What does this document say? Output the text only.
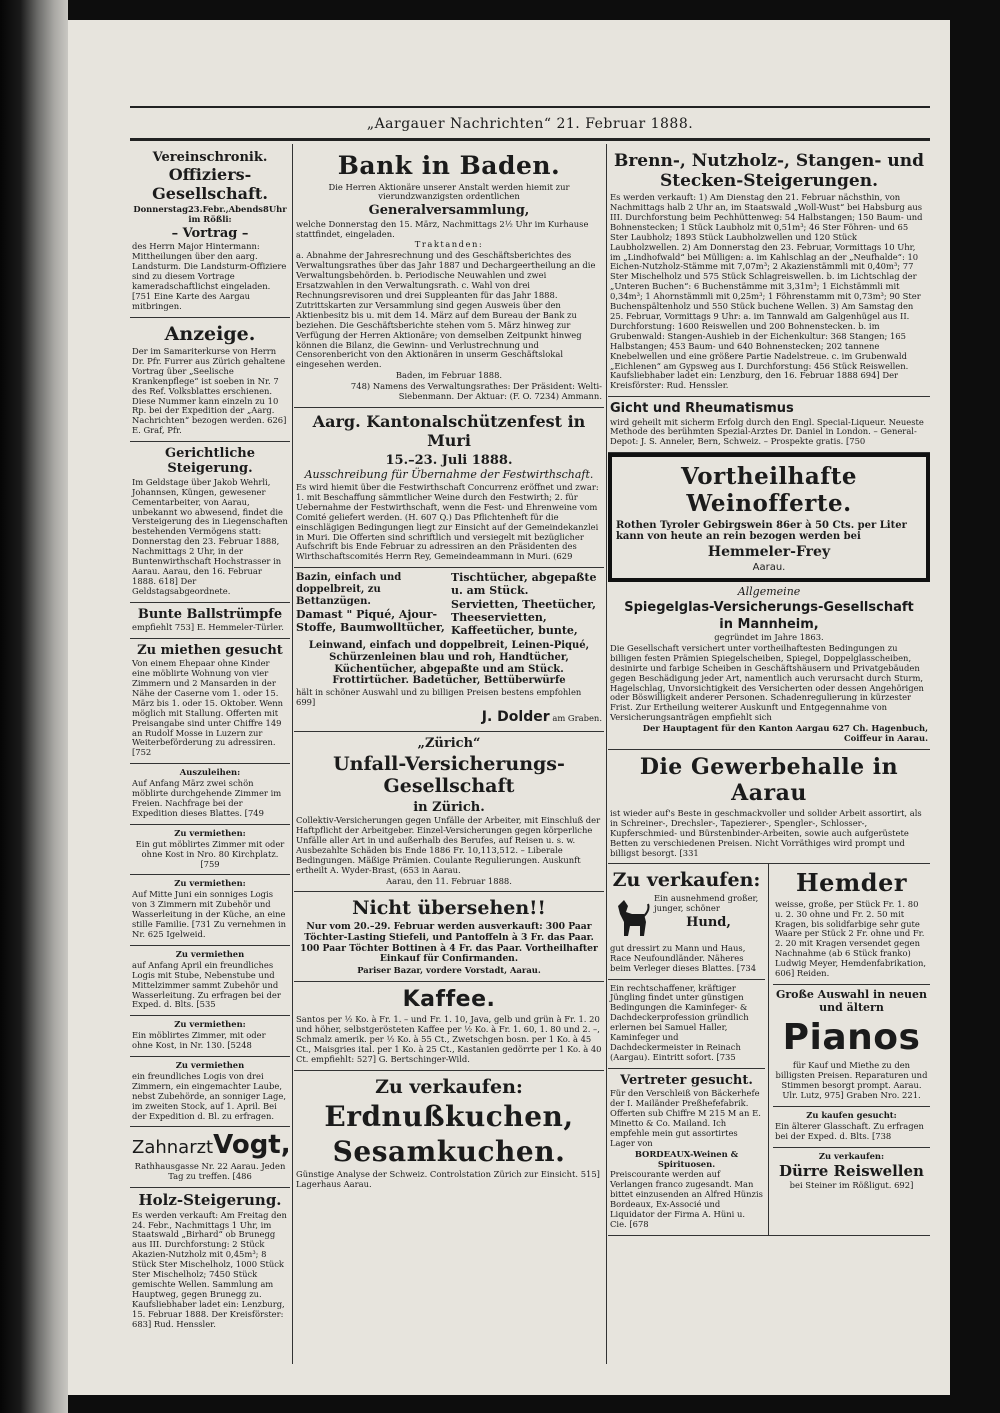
„Aargauer Nachrichten“ 21. Februar 1888.
Vereinschronik.
Offiziers-Gesellschaft.

Donnerstag23.Febr.,Abends8Uhr im Rößli:

– Vortrag –

des Herrn Major Hintermann: Mittheilungen über den aarg. Landsturm. Die Landsturm-Offiziere sind zu diesem Vortrage kameradschaftlichst eingeladen. [751 Eine Karte des Aargau mitbringen.

Anzeige.

Der im Samariterkurse von Herrn Dr. Pfr. Furrer aus Zürich gehaltene Vortrag über „Seelische Krankenpflege“ ist soeben in Nr. 7 des Ref. Volksblattes erschienen. Diese Nummer kann einzeln zu 10 Rp. bei der Expedition der „Aarg. Nachrichten“ bezogen werden. 626] E. Graf, Pfr.

Gerichtliche Steigerung.

Im Geldstage über Jakob Wehrli, Johannsen, Küngen, gewesener Cementarbeiter, von Aarau, unbekannt wo abwesend, findet die Versteigerung des in Liegenschaften bestehenden Vermögens statt: Donnerstag den 23. Februar 1888, Nachmittags 2 Uhr, in der Buntenwirthschaft Hochstrasser in Aarau. Aarau, den 16. Februar 1888. 618] Der Geldstagsabgeordnete.

Bunte Ballstrümpfe

empfiehlt 753] E. Hemmeler-Türler.

Zu miethen gesucht

Von einem Ehepaar ohne Kinder eine möblirte Wohnung von vier Zimmern und 2 Mansarden in der Nähe der Caserne vom 1. oder 15. März bis 1. oder 15. Oktober. Wenn möglich mit Stallung. Offerten mit Preisangabe sind unter Chiffre 149 an Rudolf Mosse in Luzern zur Weiterbeförderung zu adressiren. [752

Auszuleihen:

Auf Anfang März zwei schön möblirte durchgehende Zimmer im Freien. Nachfrage bei der Expedition dieses Blattes. [749

Zu vermiethen:

Ein gut möblirtes Zimmer mit oder ohne Kost in Nro. 80 Kirchplatz. [759

Zu vermiethen:

Auf Mitte Juni ein sonniges Logis von 3 Zimmern mit Zubehör und Wasserleitung in der Küche, an eine stille Familie. [731 Zu vernehmen in Nr. 625 Igelweid.

Zu vermiethen

auf Anfang April ein freundliches Logis mit Stube, Nebenstube und Mittelzimmer sammt Zubehör und Wasserleitung. Zu erfragen bei der Exped. d. Blts. [535

Zu vermiethen:

Ein möblirtes Zimmer, mit oder ohne Kost, in Nr. 130. [5248

Zu vermiethen

ein freundliches Logis von drei Zimmern, ein eingemachter Laube, nebst Zubehörde, an sonniger Lage, im zweiten Stock, auf 1. April. Bei der Expedition d. Bl. zu erfragen.

Zahnarzt Vogt,

Rathhausgasse Nr. 22 Aarau. Jeden Tag zu treffen. [486

Holz-Steigerung.

Es werden verkauft: Am Freitag den 24. Febr., Nachmittags 1 Uhr, im Staatswald „Birhard“ ob Brunegg aus III. Durchforstung: 2 Stück Akazien-Nutzholz mit 0,45m³; 8 Stück Ster Mischelholz, 1000 Stück Ster Mischelholz; 7450 Stück gemischte Wellen. Sammlung am Hauptweg, gegen Brunegg zu. Kaufsliebhaber ladet ein: Lenzburg, 15. Februar 1888. Der Kreisförster: 683] Rud. Henssler.

Bank in Baden.

Die Herren Aktionäre unserer Anstalt werden hiemit zur vierundzwanzigsten ordentlichen

Generalversammlung,

welche Donnerstag den 15. März, Nachmittags 2½ Uhr im Kurhause stattfindet, eingeladen.

Traktanden:

a. Abnahme der Jahresrechnung und des Geschäftsberichtes des Verwaltungsrathes über das Jahr 1887 und Dechargeertheilung an die Verwaltungsbehörden. b. Periodische Neuwahlen und zwei Ersatzwahlen in den Verwaltungsrath. c. Wahl von drei Rechnungsrevisoren und drei Suppleanten für das Jahr 1888. Zutrittskarten zur Versammlung sind gegen Ausweis über den Aktienbesitz bis u. mit dem 14. März auf dem Bureau der Bank zu beziehen. Die Geschäftsberichte stehen vom 5. März hinweg zur Verfügung der Herren Aktionäre; von demselben Zeitpunkt hinweg können die Bilanz, die Gewinn- und Verlustrechnung und Censorenbericht von den Aktionären in unserm Geschäftslokal eingesehen werden.

Baden, im Februar 1888.

748) Namens des Verwaltungsrathes: Der Präsident: Welti-Siebenmann. Der Aktuar: (F. O. 7234) Ammann.

Aarg. Kantonalschützenfest in Muri
15.–23. Juli 1888.

Ausschreibung für Übernahme der Festwirthschaft.

Es wird hiemit über die Festwirthschaft Concurrenz eröffnet und zwar: 1. mit Beschaffung sämmtlicher Weine durch den Festwirth; 2. für Uebernahme der Festwirthschaft, wenn die Fest- und Ehrenweine vom Comité geliefert werden. (H. 607 Q.) Das Pflichtenheft für die einschlägigen Bedingungen liegt zur Einsicht auf der Gemeindekanzlei in Muri. Die Offerten sind schriftlich und versiegelt mit bezüglicher Aufschrift bis Ende Februar zu adressiren an den Präsidenten des Wirthschaftscomités Herrn Rey, Gemeindeammann in Muri. (629

Bazin, einfach und doppelbreit, zu Bettanzügen.

Damast " Piqué, Ajour-Stoffe, Baumwolltücher,

Tischtücher, abgepaßte u. am Stück.

Servietten, Theetücher, Theeservietten, Kaffeetücher, bunte,

Leinwand, einfach und doppelbreit, Leinen-Piqué, Schürzenleinen blau und roh, Handtücher, Küchentücher, abgepaßte und am Stück. Frottirtücher. Badetücher, Bettüberwürfe

hält in schöner Auswahl und zu billigen Preisen bestens empfohlen 699]

J. Dolder am Graben.

„Zürich“
Unfall-Versicherungs-Gesellschaft
in Zürich.

Collektiv-Versicherungen gegen Unfälle der Arbeiter, mit Einschluß der Haftpflicht der Arbeitgeber. Einzel-Versicherungen gegen körperliche Unfälle aller Art in und außerhalb des Berufes, auf Reisen u. s. w. Ausbezahlte Schäden bis Ende 1886 Fr. 10,113,512. – Liberale Bedingungen. Mäßige Prämien. Coulante Regulierungen. Auskunft ertheilt A. Wyder-Brast, (653 in Aarau.

Aarau, den 11. Februar 1888.

Nicht übersehen!!

Nur vom 20.–29. Februar werden ausverkauft: 300 Paar Töchter-Lasting Stiefeli, und Pantoffeln à 3 Fr. das Paar. 100 Paar Töchter Bottinen à 4 Fr. das Paar. Vortheilhafter Einkauf für Confirmanden.

Pariser Bazar, vordere Vorstadt, Aarau.

Kaffee.

Santos per ½ Ko. à Fr. 1. – und Fr. 1. 10, Java, gelb und grün à Fr. 1. 20 und höher, selbstgerösteten Kaffee per ½ Ko. à Fr. 1. 60, 1. 80 und 2. –, Schmalz amerik. per ½ Ko. à 55 Ct., Zwetschgen bosn. per 1 Ko. à 45 Ct., Maisgries ital. per 1 Ko. à 25 Ct., Kastanien gedörrte per 1 Ko. à 40 Ct. empfiehlt: 527] G. Bertschinger-Wild.

Zu verkaufen:
Erdnußkuchen,
Sesamkuchen.

Günstige Analyse der Schweiz. Controlstation Zürich zur Einsicht. 515] Lagerhaus Aarau.

Brenn-, Nutzholz-, Stangen- und Stecken-Steigerungen.

Es werden verkauft: 1) Am Dienstag den 21. Februar nächsthin, von Nachmittags halb 2 Uhr an, im Staatswald „Woll-Wust“ bei Habsburg aus III. Durchforstung beim Pechhüttenweg: 54 Halbstangen; 150 Baum- und Bohnenstecken; 1 Stück Laubholz mit 0,51m³; 46 Ster Föhren- und 65 Ster Laubholz; 1893 Stück Laubholzwellen und 120 Stück Laubholzwellen. 2) Am Donnerstag den 23. Februar, Vormittags 10 Uhr, im „Lindhofwald“ bei Mülligen: a. im Kahlschlag an der „Neufhalde“: 10 Eichen-Nutzholz-Stämme mit 7,07m³; 2 Akazienstämmli mit 0,40m³; 77 Ster Mischelholz und 575 Stück Schlagreiswellen. b. im Lichtschlag der „Unteren Buchen“: 6 Buchenstämme mit 3,31m³; 1 Eichstämmli mit 0,34m³; 1 Ahornstämmli mit 0,25m³; 1 Föhrenstamm mit 0,73m³; 90 Ster Buchenspältenholz und 550 Stück buchene Wellen. 3) Am Samstag den 25. Februar, Vormittags 9 Uhr: a. im Tannwald am Galgenhügel aus II. Durchforstung: 1600 Reiswellen und 200 Bohnenstecken. b. im Grubenwald: Stangen-Aushieb in der Eichenkultur: 368 Stangen; 165 Halbstangen; 453 Baum- und 640 Bohnenstecken; 202 tannene Knebelwellen und eine größere Partie Nadelstreue. c. im Grubenwald „Eichlenen“ am Gypsweg aus I. Durchforstung: 456 Stück Reiswellen. Kaufsliebhaber ladet ein: Lenzburg, den 16. Februar 1888 694] Der Kreisförster: Rud. Henssler.

Gicht und Rheumatismus

wird geheilt mit sicherm Erfolg durch den Engl. Special-Liqueur. Neueste Methode des berühmten Spezial-Arztes Dr. Daniel in London. – General-Depot: J. S. Anneler, Bern, Schweiz. – Prospekte gratis. [750

Vortheilhafte Weinofferte.

Rothen Tyroler Gebirgswein 86er à 50 Cts. per Liter kann von heute an rein bezogen werden bei

Hemmeler-Frey

Aarau.

Allgemeine

Spiegelglas-Versicherungs-Gesellschaft
in Mannheim,

gegründet im Jahre 1863.

Die Gesellschaft versichert unter vortheilhaftesten Bedingungen zu billigen festen Prämien Spiegelscheiben, Spiegel, Doppelglasscheiben, desinirte und farbige Scheiben in Geschäftshäusern und Privatgebäuden gegen Beschädigung jeder Art, namentlich auch verursacht durch Sturm, Hagelschlag, Unvorsichtigkeit des Versicherten oder dessen Angehörigen oder Böswilligkeit anderer Personen. Schadenregulierung in kürzester Frist. Zur Ertheilung weiterer Auskunft und Entgegennahme von Versicherungsanträgen empfiehlt sich

Der Hauptagent für den Kanton Aargau 627 Ch. Hagenbuch, Coiffeur in Aarau.

Die Gewerbehalle in Aarau

ist wieder auf's Beste in geschmackvoller und solider Arbeit assortirt, als in Schreiner-, Drechsler-, Tapezierer-, Spengler-, Schlosser-, Kupferschmied- und Bürstenbinder-Arbeiten, sowie auch aufgerüstete Betten zu verschiedenen Preisen. Nicht Vorräthiges wird prompt und billigst besorgt. [331

Zu verkaufen:

Ein ausnehmend großer, junger, schöner

Hund,

gut dressirt zu Mann und Haus, Race Neufoundländer. Näheres beim Verleger dieses Blattes. [734

Ein rechtschaffener, kräftiger Jüngling findet unter günstigen Bedingungen die Kaminfeger- & Dachdeckerprofession gründlich erlernen bei Samuel Haller, Kaminfeger und Dachdeckermeister in Reinach (Aargau). Eintritt sofort. [735

Vertreter gesucht.

Für den Verschleiß von Bäckerhefe der I. Mailänder Preßhefefabrik. Offerten sub Chiffre M 215 M an E. Minetto & Co. Mailand. Ich empfehle mein gut assortirtes Lager von

BORDEAUX-Weinen & Spirituosen.

Preiscourante werden auf Verlangen franco zugesandt. Man bittet einzusenden an Alfred Hünzis Bordeaux, Ex-Associé und Liquidator der Firma A. Hüni u. Cie. [678

Hemder

weisse, große, per Stück Fr. 1. 80 u. 2. 30 ohne und Fr. 2. 50 mit Kragen, bis solidfarbige sehr gute Waare per Stück 2 Fr. ohne und Fr. 2. 20 mit Kragen versendet gegen Nachnahme (ab 6 Stück franko) Ludwig Meyer, Hemdenfabrikation, 606] Reiden.

Große Auswahl in neuen und ältern

Pianos

für Kauf und Miethe zu den billigsten Preisen. Reparaturen und Stimmen besorgt prompt. Aarau. Ulr. Lutz, 975] Graben Nro. 221.

Zu kaufen gesucht:

Ein älterer Glasschaft. Zu erfragen bei der Exped. d. Blts. [738

Zu verkaufen:

Dürre Reiswellen

bei Steiner im Rößligut. 692]
